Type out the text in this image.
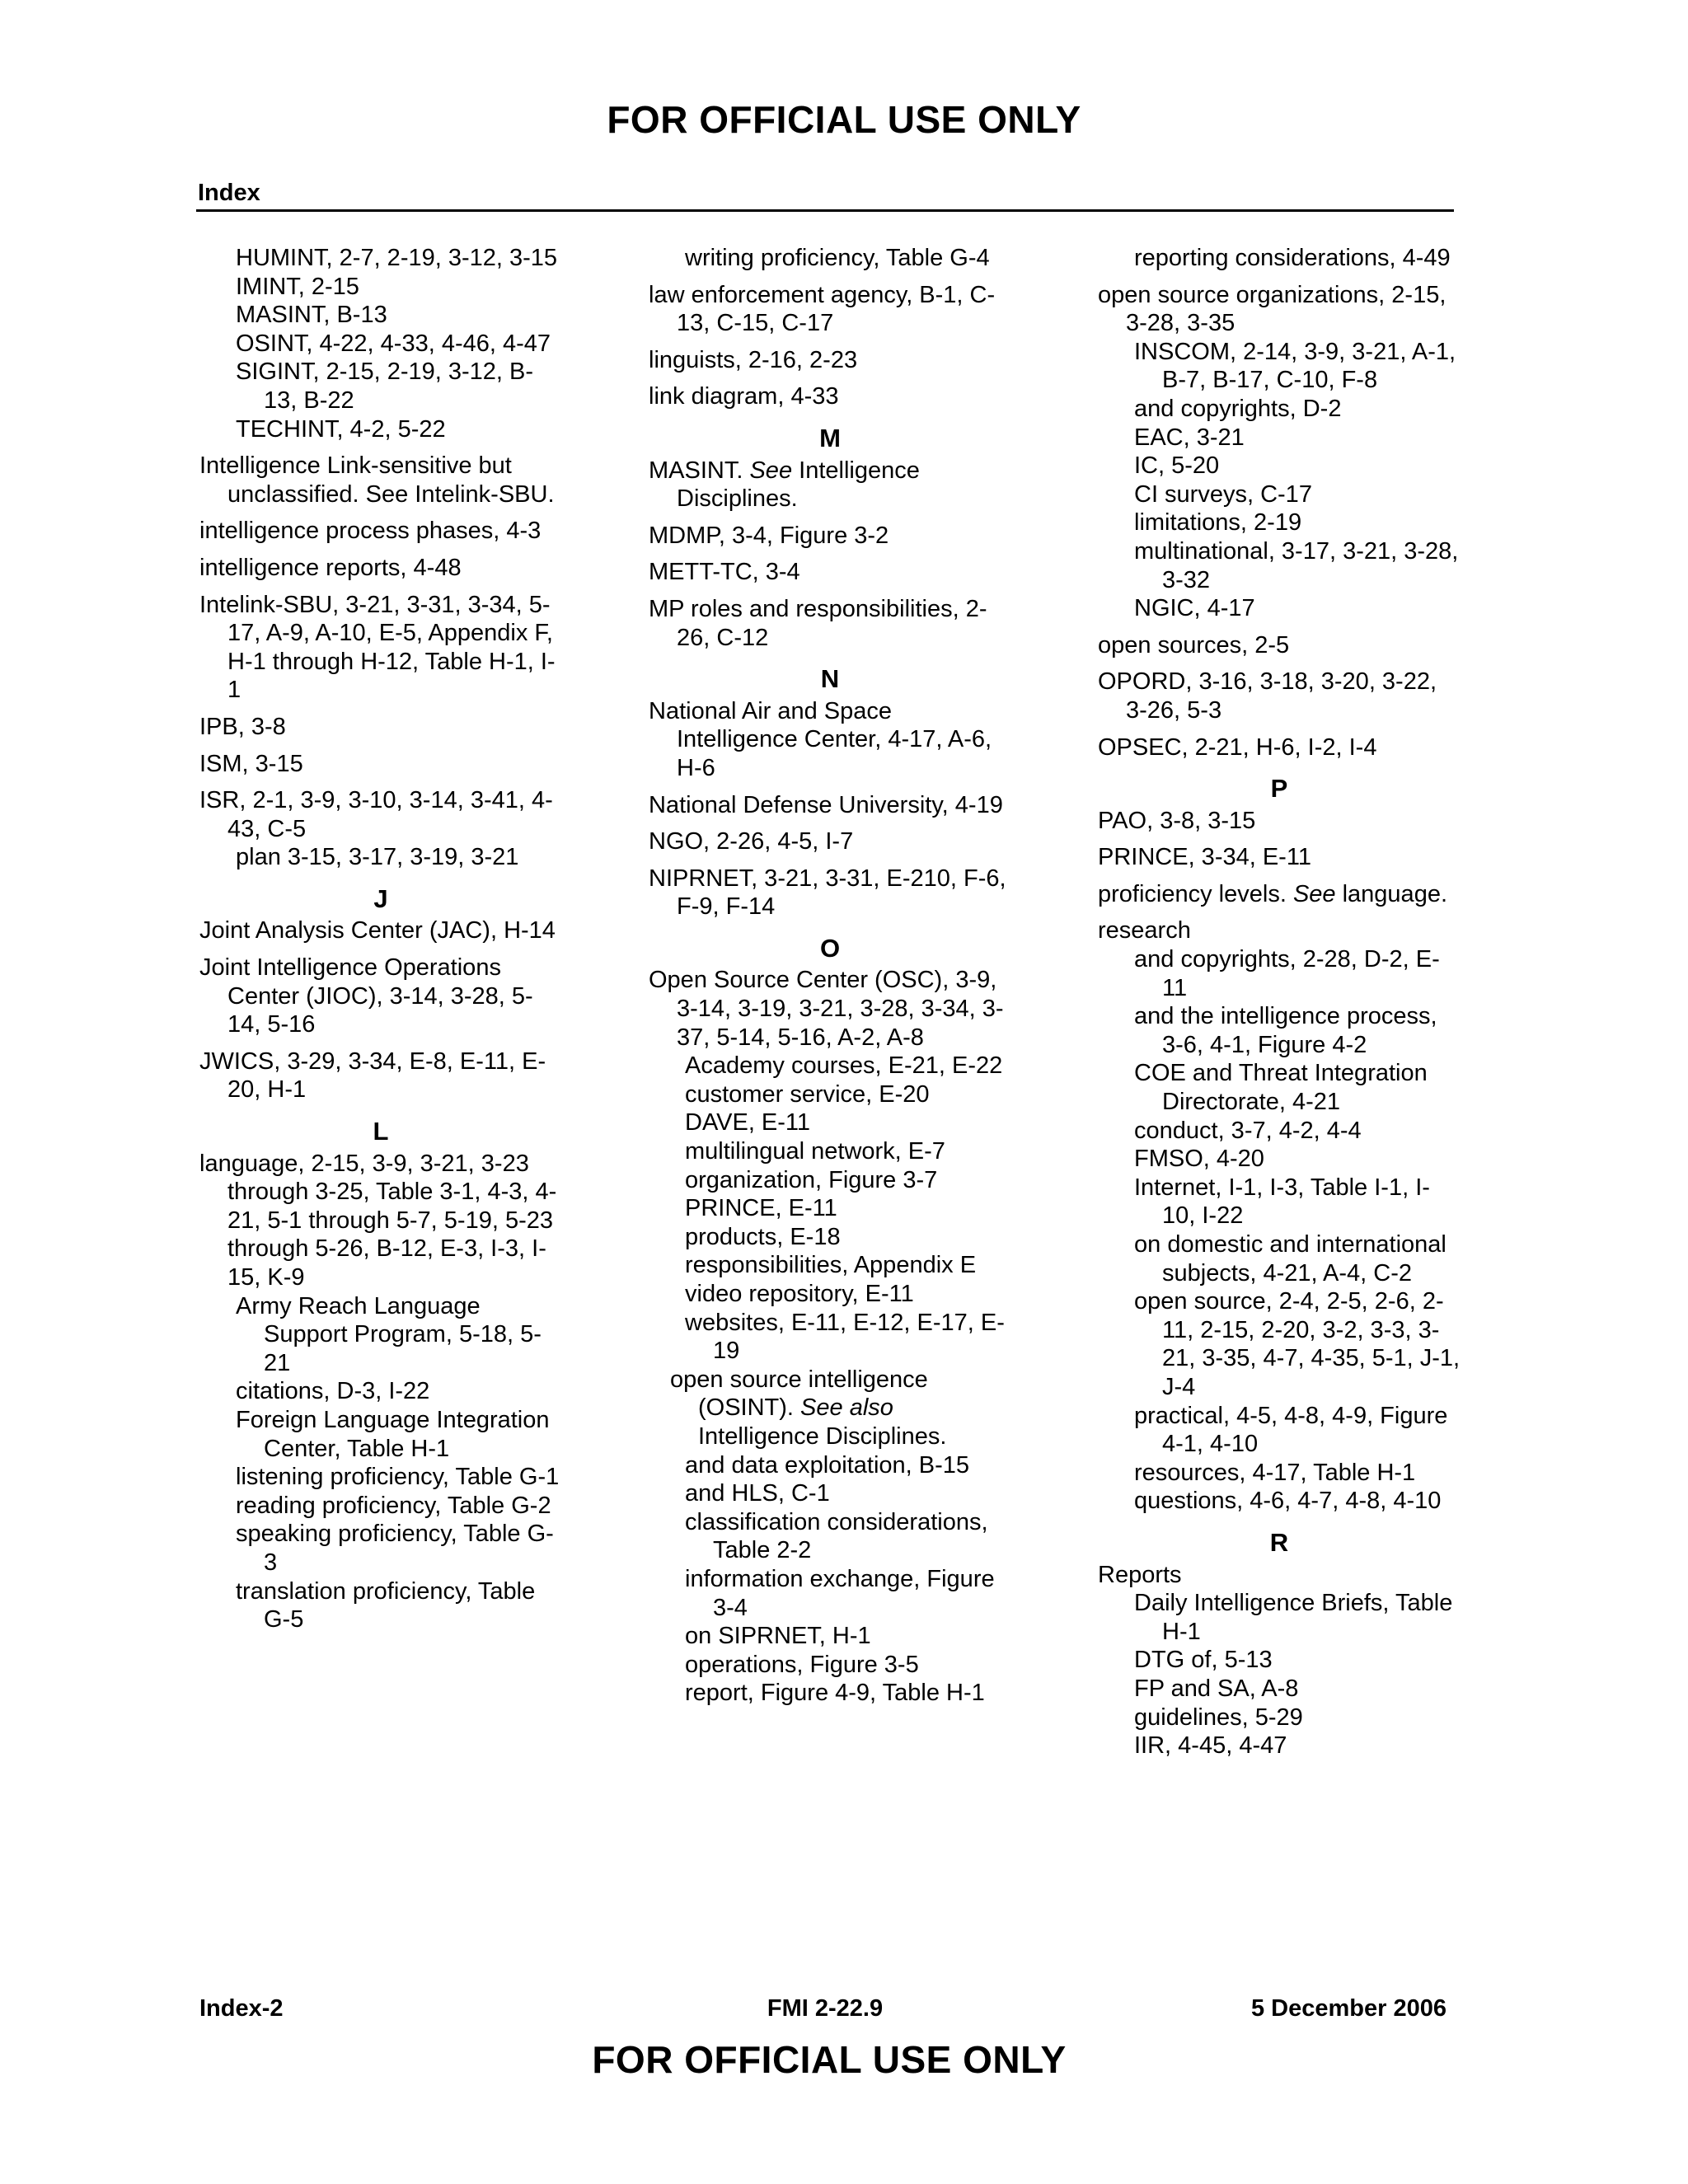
FOR OFFICIAL USE ONLY
Index
HUMINT, 2-7, 2-19, 3-12, 3-15
IMINT, 2-15
MASINT, B-13
OSINT, 4-22, 4-33, 4-46, 4-47
SIGINT, 2-15, 2-19, 3-12, B-13, B-22
TECHINT, 4-2, 5-22
Intelligence Link-sensitive but unclassified. See Intelink-SBU.
intelligence process phases, 4-3
intelligence reports, 4-48
Intelink-SBU, 3-21, 3-31, 3-34, 5-17, A-9, A-10, E-5, Appendix F, H-1 through H-12, Table H-1, I-1
IPB, 3-8
ISM, 3-15
ISR, 2-1, 3-9, 3-10, 3-14, 3-41, 4-43, C-5
plan 3-15, 3-17, 3-19, 3-21
J
Joint Analysis Center (JAC), H-14
Joint Intelligence Operations Center (JIOC), 3-14, 3-28, 5-14, 5-16
JWICS, 3-29, 3-34, E-8, E-11, E-20, H-1
L
language, 2-15, 3-9, 3-21, 3-23 through 3-25, Table 3-1, 4-3, 4-21, 5-1 through 5-7, 5-19, 5-23 through 5-26, B-12, E-3, I-3, I-15, K-9
Army Reach Language Support Program, 5-18, 5-21
citations, D-3, I-22
Foreign Language Integration Center, Table H-1
listening proficiency, Table G-1
reading proficiency, Table G-2
speaking proficiency, Table G-3
translation proficiency, Table G-5
writing proficiency, Table G-4
law enforcement agency, B-1, C-13, C-15, C-17
linguists, 2-16, 2-23
link diagram, 4-33
M
MASINT. See Intelligence Disciplines.
MDMP, 3-4, Figure 3-2
METT-TC, 3-4
MP roles and responsibilities, 2-26, C-12
N
National Air and Space Intelligence Center, 4-17, A-6, H-6
National Defense University, 4-19
NGO, 2-26, 4-5, I-7
NIPRNET, 3-21, 3-31, E-210, F-6, F-9, F-14
O
Open Source Center (OSC), 3-9, 3-14, 3-19, 3-21, 3-28, 3-34, 3-37, 5-14, 5-16, A-2, A-8
Academy courses, E-21, E-22
customer service, E-20
DAVE, E-11
multilingual network, E-7
organization, Figure 3-7
PRINCE, E-11
products, E-18
responsibilities, Appendix E
video repository, E-11
websites, E-11, E-12, E-17, E-19
open source intelligence (OSINT). See also Intelligence Disciplines.
and data exploitation, B-15
and HLS, C-1
classification considerations, Table 2-2
information exchange, Figure 3-4
on SIPRNET, H-1
operations, Figure 3-5
report, Figure 4-9, Table H-1
reporting considerations, 4-49
open source organizations, 2-15, 3-28, 3-35
INSCOM, 2-14, 3-9, 3-21, A-1, B-7, B-17, C-10, F-8
and copyrights, D-2
EAC, 3-21
IC, 5-20
CI surveys, C-17
limitations, 2-19
multinational, 3-17, 3-21, 3-28, 3-32
NGIC, 4-17
open sources, 2-5
OPORD, 3-16, 3-18, 3-20, 3-22, 3-26, 5-3
OPSEC, 2-21, H-6, I-2, I-4
P
PAO, 3-8, 3-15
PRINCE, 3-34, E-11
proficiency levels. See language.
research
and copyrights, 2-28, D-2, E-11
and the intelligence process, 3-6, 4-1, Figure 4-2
COE and Threat Integration Directorate, 4-21
conduct, 3-7, 4-2, 4-4
FMSO, 4-20
Internet, I-1, I-3, Table I-1, I-10, I-22
on domestic and international subjects, 4-21, A-4, C-2
open source, 2-4, 2-5, 2-6, 2-11, 2-15, 2-20, 3-2, 3-3, 3-21, 3-35, 4-7, 4-35, 5-1, J-1, J-4
practical, 4-5, 4-8, 4-9, Figure 4-1, 4-10
resources, 4-17, Table H-1
questions, 4-6, 4-7, 4-8, 4-10
R
Reports
Daily Intelligence Briefs, Table H-1
DTG of, 5-13
FP and SA, A-8
guidelines, 5-29
IIR, 4-45, 4-47
Index-2	FMI 2-22.9	5 December 2006
FOR OFFICIAL USE ONLY
